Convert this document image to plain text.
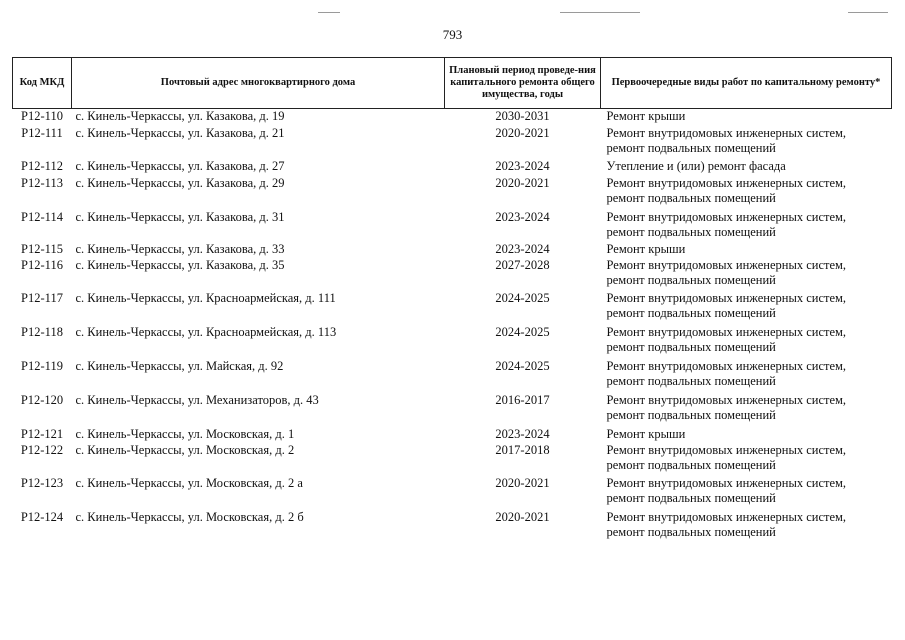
793
Код МКД	Почтовый адрес многоквартирного дома	Плановый период проведе-ния капитального ремонта общего имущества, годы	Первоочередные виды работ по капитальному ремонту*
Р12-110	с. Кинель-Черкассы, ул. Казакова, д. 19	2030-2031	Ремонт крыши

Р12-111	с. Кинель-Черкассы, ул. Казакова, д. 21	2020-2021	Ремонт внутридомовых инженерных систем,
ремонт подвальных помещений

Р12-112	с. Кинель-Черкассы, ул. Казакова, д. 27	2023-2024	Утепление и (или) ремонт фасада

Р12-113	с. Кинель-Черкассы, ул. Казакова, д. 29	2020-2021	Ремонт внутридомовых инженерных систем,
ремонт подвальных помещений

Р12-114	с. Кинель-Черкассы, ул. Казакова, д. 31	2023-2024	Ремонт внутридомовых инженерных систем,
ремонт подвальных помещений

Р12-115	с. Кинель-Черкассы, ул. Казакова, д. 33	2023-2024	Ремонт крыши

Р12-116	с. Кинель-Черкассы, ул. Казакова, д. 35	2027-2028	Ремонт внутридомовых инженерных систем,
ремонт подвальных помещений

Р12-117	с. Кинель-Черкассы, ул. Красноармейская, д. 111	2024-2025	Ремонт внутридомовых инженерных систем,
ремонт подвальных помещений

Р12-118	с. Кинель-Черкассы, ул. Красноармейская, д. 113	2024-2025	Ремонт внутридомовых инженерных систем,
ремонт подвальных помещений

Р12-119	с. Кинель-Черкассы, ул. Майская, д. 92	2024-2025	Ремонт внутридомовых инженерных систем,
ремонт подвальных помещений

Р12-120	с. Кинель-Черкассы, ул. Механизаторов, д. 43	2016-2017	Ремонт внутридомовых инженерных систем,
ремонт подвальных помещений

Р12-121	с. Кинель-Черкассы, ул. Московская, д. 1	2023-2024	Ремонт крыши

Р12-122	с. Кинель-Черкассы, ул. Московская, д. 2	2017-2018	Ремонт внутридомовых инженерных систем,
ремонт подвальных помещений

Р12-123	с. Кинель-Черкассы, ул. Московская, д. 2 а	2020-2021	Ремонт внутридомовых инженерных систем,
ремонт подвальных помещений

Р12-124	с. Кинель-Черкассы, ул. Московская, д. 2 б	2020-2021	Ремонт внутридомовых инженерных систем,
ремонт подвальных помещений
